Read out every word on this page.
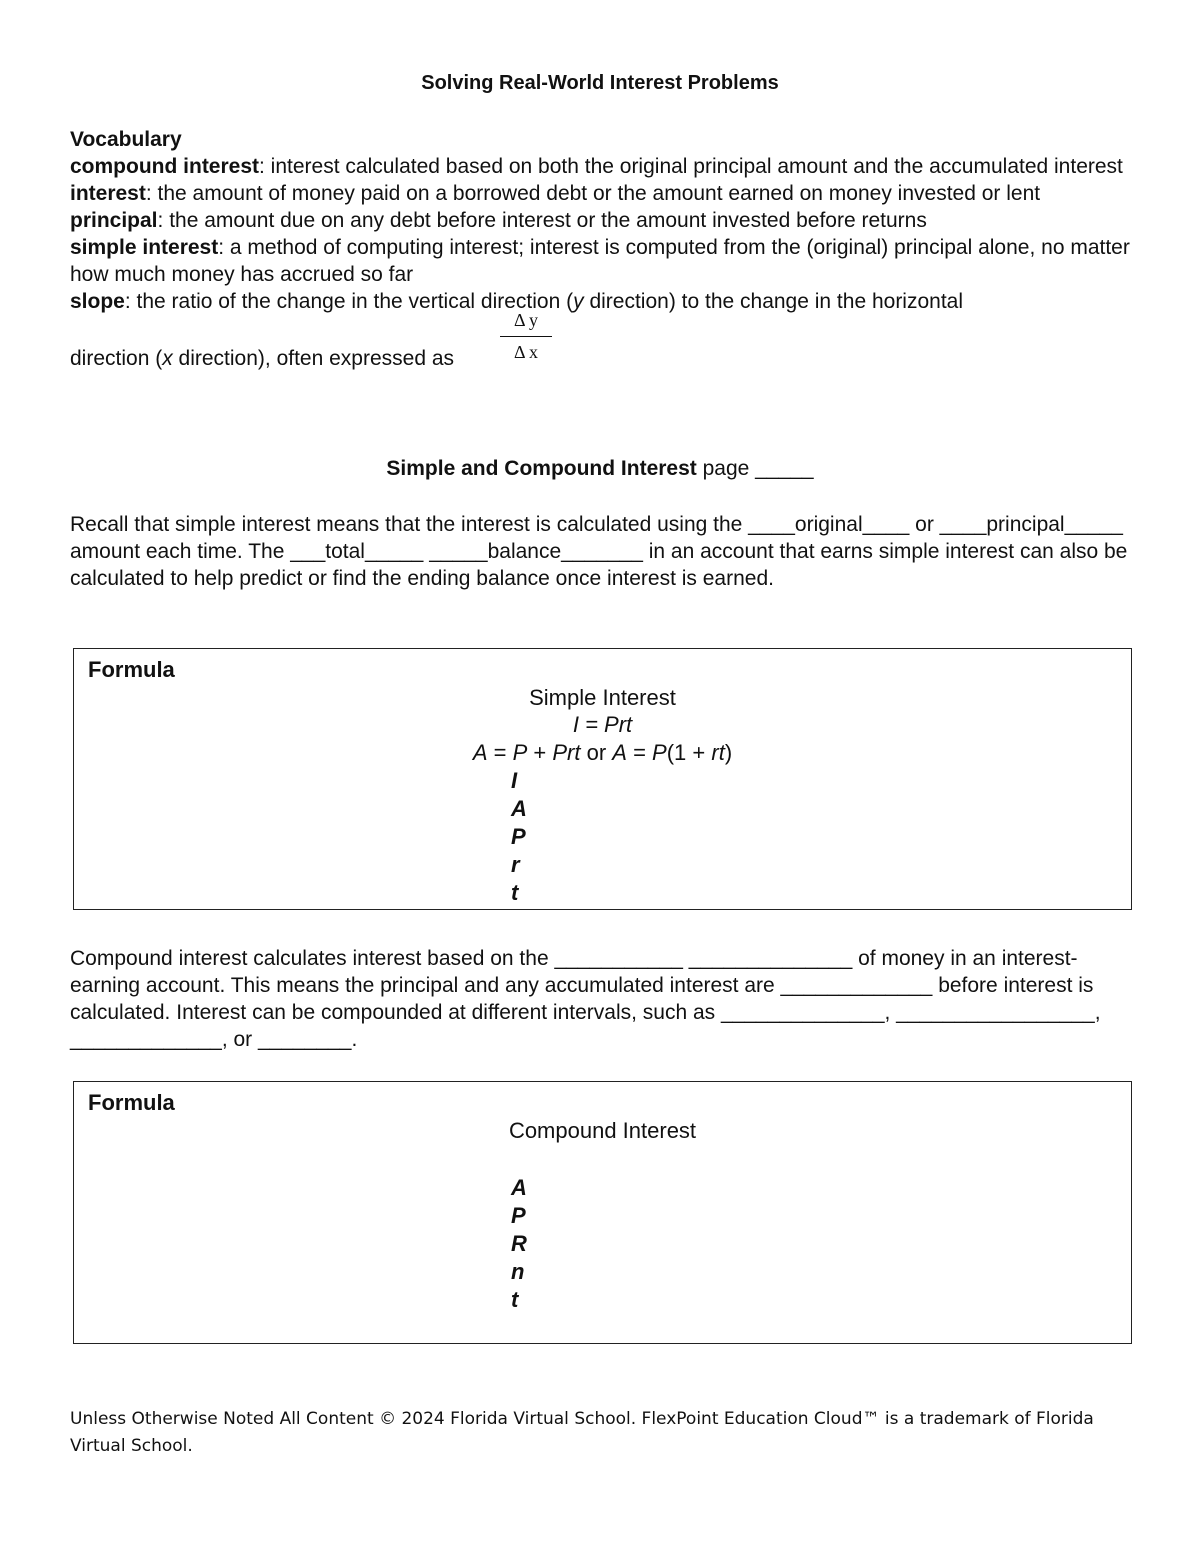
Solving Real-World Interest Problems
Vocabulary
compound interest: interest calculated based on both the original principal amount and the accumulated interest
interest: the amount of money paid on a borrowed debt or the amount earned on money invested or lent
principal: the amount due on any debt before interest or the amount invested before returns
simple interest: a method of computing interest; interest is computed from the (original) principal alone, no matter how much money has accrued so far
slope: the ratio of the change in the vertical direction (y direction) to the change in the horizontal
direction (x direction), often expressed as	$\frac{\text{Δ y}}{\text{Δ x}}$
Simple and Compound Interest page _____
Recall that simple interest means that the interest is calculated using the ____original____ or ____principal_____ amount each time. The ___total_____ _____balance_______ in an account that earns simple interest can also be calculated to help predict or find the ending balance once interest is earned.
Formula
Simple Interest
I = Prt
A = P + Prt or A = P(1 + rt)
I
A
P
r
t
Compound interest calculates interest based on the ___________ ______________ of money in an interest-earning account. This means the principal and any accumulated interest are _____________ before interest is calculated. Interest can be compounded at different intervals, such as ______________, _________________, _____________, or ________.
Formula
Compound Interest
A
P
R
n
t
Unless Otherwise Noted All Content © 2024 Florida Virtual School. FlexPoint Education Cloud™ is a trademark of Florida Virtual School.
